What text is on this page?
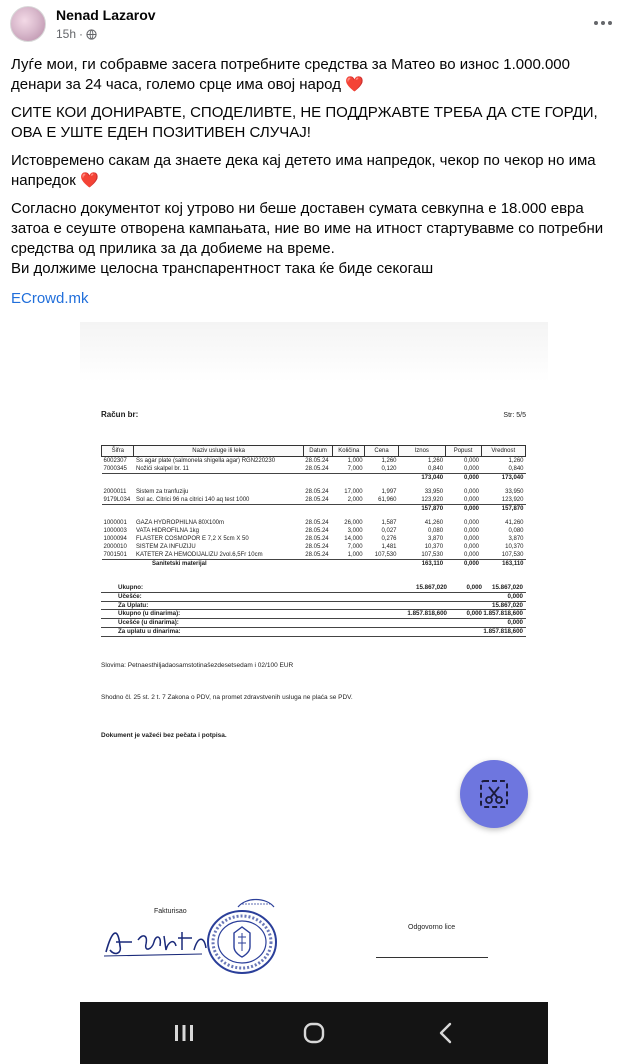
Nenad Lazarov
15h ·

Луѓе мои, ги собравме засега потребните средства за Матео во износ 1.000.000 денари за 24 часа, големо срце има овој народ ❤️

СИТЕ КОИ ДОНИРАВТЕ, СПОДЕЛИВТЕ, НЕ ПОДДРЖАВТЕ ТРЕБА ДА СТЕ ГОРДИ, ОВА Е УШТЕ ЕДЕН ПОЗИТИВЕН СЛУЧАЈ!

Истовремено сакам да знаете дека кај детето има напредок, чекор по чекор но има напредок ❤️

Согласно документот кој утрово ни беше доставен сумата севкупна е 18.000 евра затоа е сеуште отворена кампањата, ние во име на итност стартувавме со потребни средства од прилика за да добиеме на време.

Ви должиме целосна транспарентност така ќе биде секогаш

ECrowd.mk
Račun br:	Str: 5/5
Šifra	Naziv usluge ili leka	Datum	Količina	Cena	Iznos	Popust	Vrednost
6002307	Ss agar plate (salmonela shigella agar) RGN220230	28.05.24	1,000	1,260	1,260	0,000	1,260
7000345	Nožići skalpel br. 11	28.05.24	7,000	0,120	0,840	0,000	0,840
					173,040	0,000	173,040

2000011	Sistem za tranfuziju	28.05.24	17,000	1,997	33,950	0,000	33,950
9179L034	Sol ac. Citrici 96 na citrici 140 aq test 1000	28.05.24	2,000	61,960	123,920	0,000	123,920
					157,870	0,000	157,870

1000001	GAZA HYDROPHILNA 80X100m	28.05.24	26,000	1,587	41,260	0,000	41,260
1000003	VATA HIDROFILNA 1kg	28.05.24	3,000	0,027	0,080	0,000	0,080
1000094	FLASTER COSMOPOR E 7,2 X 5cm X 50	28.05.24	14,000	0,276	3,870	0,000	3,870
2000010	SISTEM ZA INFUZIJU	28.05.24	7,000	1,481	10,370	0,000	10,370
7001501	KATETER ZA HEMODIJALIZU 2vol.6,5Fr 10cm	28.05.24	1,000	107,530	107,530	0,000	107,530
	Sanitetski materijal				163,110	0,000	163,110
Ukupno:	15.867,020	0,000	15.867,020
Učešće:	0,000
Za Uplatu:	15.867,020
Ukupno (u dinarima):	1.857.818,600	0,000 1.857.818,600
Ucešće (u dinarima):	0,000
Za uplatu u dinarima:	1.857.818,600
Slovima: Petnaesthiljadaosamstotinašezdesetsedam i 02/100 EUR
Shodno čl. 25 st. 2 t. 7 Zakona o PDV, na promet zdravstvenih usluga ne plaća se PDV.
Dokument je važeći bez pečata i potpisa.
Fakturisao
Odgovorno lice
